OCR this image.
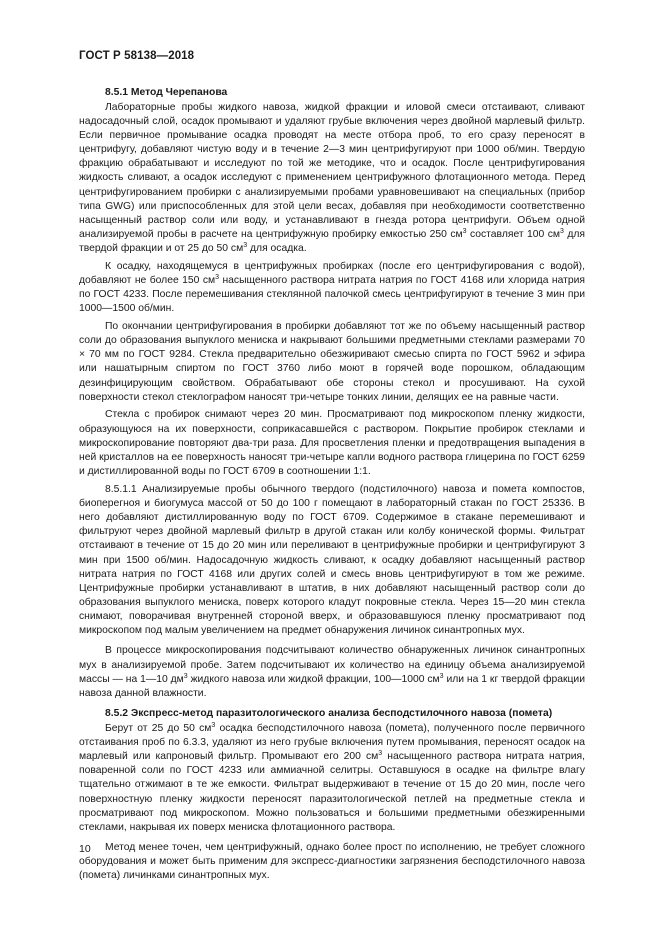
ГОСТ Р 58138—2018

8.5.1 Метод Черепанова

Лабораторные пробы жидкого навоза, жидкой фракции и иловой смеси отстаивают, сливают надосадочный слой, осадок промывают и удаляют грубые включения через двойной марлевый фильтр. Если первичное промывание осадка проводят на месте отбора проб, то его сразу переносят в центрифугу, добавляют чистую воду и в течение 2—3 мин центрифугируют при 1000 об/мин. Твердую фракцию обрабатывают и исследуют по той же методике, что и осадок. После центрифугирования жидкость сливают, а осадок исследуют с применением центрифужного флотационного метода. Перед центрифугированием пробирки с анализируемыми пробами уравновешивают на специальных (прибор типа GWG) или приспособленных для этой цели весах, добавляя при необходимости соответственно насыщенный раствор соли или воду, и устанавливают в гнезда ротора центрифуги. Объем одной анализируемой пробы в расчете на центрифужную пробирку емкостью 250 $см^3$ составляет 100 $см^3$ для твердой фракции и от 25 до 50 $см^3$ для осадка.

К осадку, находящемуся в центрифужных пробирках (после его центрифугирования с водой), добавляют не более 150 $см^3$ насыщенного раствора нитрата натрия по ГОСТ 4168 или хлорида натрия по ГОСТ 4233. После перемешивания стеклянной палочкой смесь центрифугируют в течение 3 мин при 1000—1500 об/мин.

По окончании центрифугирования в пробирки добавляют тот же по объему насыщенный раствор соли до образования выпуклого мениска и накрывают большими предметными стеклами размерами 70 × 70 мм по ГОСТ 9284. Стекла предварительно обезжиривают смесью спирта по ГОСТ 5962 и эфира или нашатырным спиртом по ГОСТ 3760 либо моют в горячей воде порошком, обладающим дезинфицирующим свойством. Обрабатывают обе стороны стекол и просушивают. На сухой поверхности стекол стеклографом наносят три-четыре тонких линии, делящих ее на равные части.

Стекла с пробирок снимают через 20 мин. Просматривают под микроскопом пленку жидкости, образующуюся на их поверхности, соприкасавшейся с раствором. Покрытие пробирок стеклами и микроскопирование повторяют два-три раза. Для просветления пленки и предотвращения выпадения в ней кристаллов на ее поверхность наносят три-четыре капли водного раствора глицерина по ГОСТ 6259 и дистиллированной воды по ГОСТ 6709 в соотношении 1:1.

8.5.1.1 Анализируемые пробы обычного твердого (подстилочного) навоза и помета компостов, биоперегноя и биогумуса массой от 50 до 100 г помещают в лабораторный стакан по ГОСТ 25336. В него добавляют дистиллированную воду по ГОСТ 6709. Содержимое в стакане перемешивают и фильтруют через двойной марлевый фильтр в другой стакан или колбу конической формы. Фильтрат отстаивают в течение от 15 до 20 мин или переливают в центрифужные пробирки и центрифугируют 3 мин при 1500 об/мин. Надосадочную жидкость сливают, к осадку добавляют насыщенный раствор нитрата натрия по ГОСТ 4168 или других солей и смесь вновь центрифугируют в том же режиме. Центрифужные пробирки устанавливают в штатив, в них добавляют насыщенный раствор соли до образования выпуклого мениска, поверх которого кладут покровные стекла. Через 15—20 мин стекла снимают, поворачивая внутренней стороной вверх, и образовавшуюся пленку просматривают под микроскопом под малым увеличением на предмет обнаружения личинок синантропных мух.

В процессе микроскопирования подсчитывают количество обнаруженных личинок синантропных мух в анализируемой пробе. Затем подсчитывают их количество на единицу объема анализируемой массы — на 1—10 $дм^3$ жидкого навоза или жидкой фракции, 100—1000 $см^3$ или на 1 кг твердой фракции навоза данной влажности.

8.5.2 Экспресс-метод паразитологического анализа бесподстилочного навоза (помета)

Берут от 25 до 50 $см^3$ осадка бесподстилочного навоза (помета), полученного после первичного отстаивания проб по 6.3.3, удаляют из него грубые включения путем промывания, переносят осадок на марлевый или капроновый фильтр. Промывают его 200 $см^3$ насыщенного раствора нитрата натрия, поваренной соли по ГОСТ 4233 или аммиачной селитры. Оставшуюся в осадке на фильтре влагу тщательно отжимают в те же емкости. Фильтрат выдерживают в течение от 15 до 20 мин, после чего поверхностную пленку жидкости переносят паразитологической петлей на предметные стекла и просматривают под микроскопом. Можно пользоваться и большими предметными обезжиренными стеклами, накрывая их поверх мениска флотационного раствора.

Метод менее точен, чем центрифужный, однако более прост по исполнению, не требует сложного оборудования и может быть применим для экспресс-диагностики загрязнения бесподстилочного навоза (помета) личинками синантропных мух.

10
